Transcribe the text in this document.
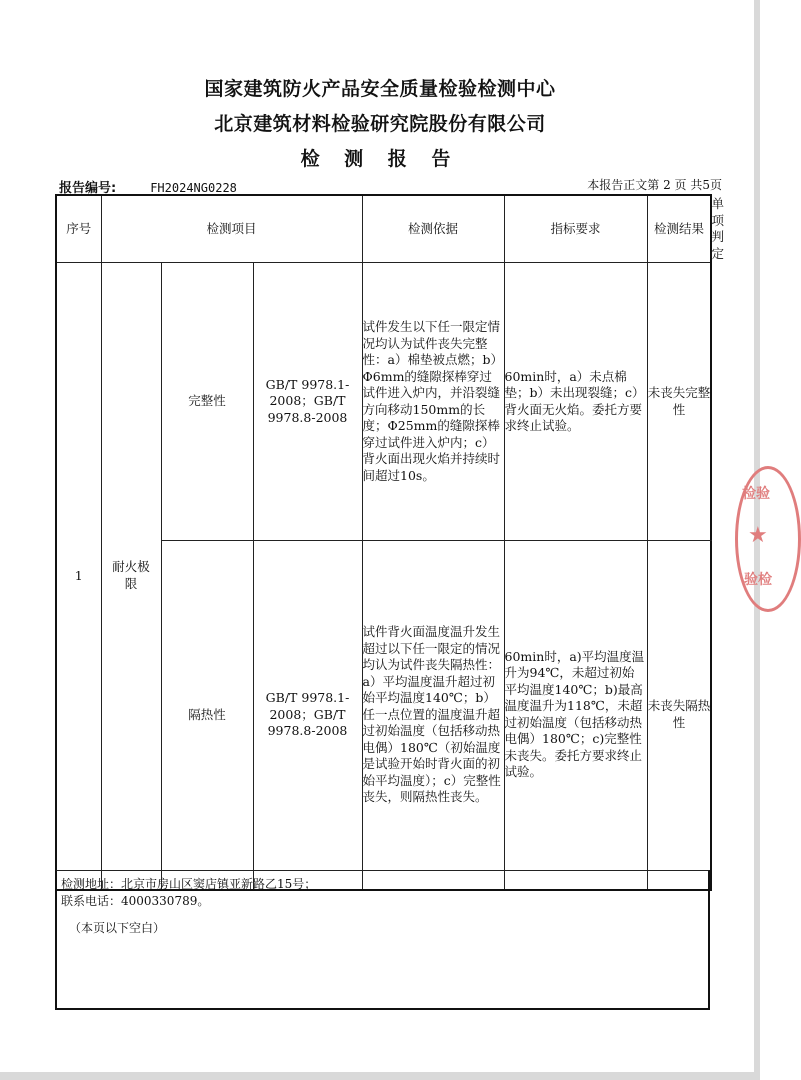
国家建筑防火产品安全质量检验检测中心
北京建筑材料检验研究院股份有限公司
检 测 报 告
报告编号:	FH2024NG0228	本报告正文第 2 页 共5页
序号	检测项目			检测依据	指标要求	检测结果	单项判定
1	耐火极限	完整性	GB/T 9978.1-2008；GB/T 9978.8-2008	试件发生以下任一限定情况均认为试件丧失完整性：a）棉垫被点燃；b）Φ6mm的缝隙探棒穿过试件进入炉内，并沿裂缝方向移动150mm的长度；Φ25mm的缝隙探棒穿过试件进入炉内；c）背火面出现火焰并持续时间超过10s。	60min时，a）未点棉垫；b）未出现裂缝；c）背火面无火焰。委托方要求终止试验。	未丧失完整性	
		隔热性	GB/T 9978.1-2008；GB/T 9978.8-2008	试件背火面温度温升发生超过以下任一限定的情况均认为试件丧失隔热性：a）平均温度温升超过初始平均温度140℃；b）任一点位置的温度温升超过初始温度（包括移动热电偶）180℃（初始温度是试验开始时背火面的初始平均温度）；c）完整性丧失，则隔热性丧失。	60min时，a)平均温度温升为94℃，未超过初始平均温度140℃；b)最高温度温升为118℃，未超过初始温度（包括移动热电偶）180℃；c)完整性未丧失。委托方要求终止试验。	未丧失隔热性	
检测地址：北京市房山区窦店镇亚新路乙15号；
联系电话：4000330789。
（本页以下空白）
检验
★
验检
